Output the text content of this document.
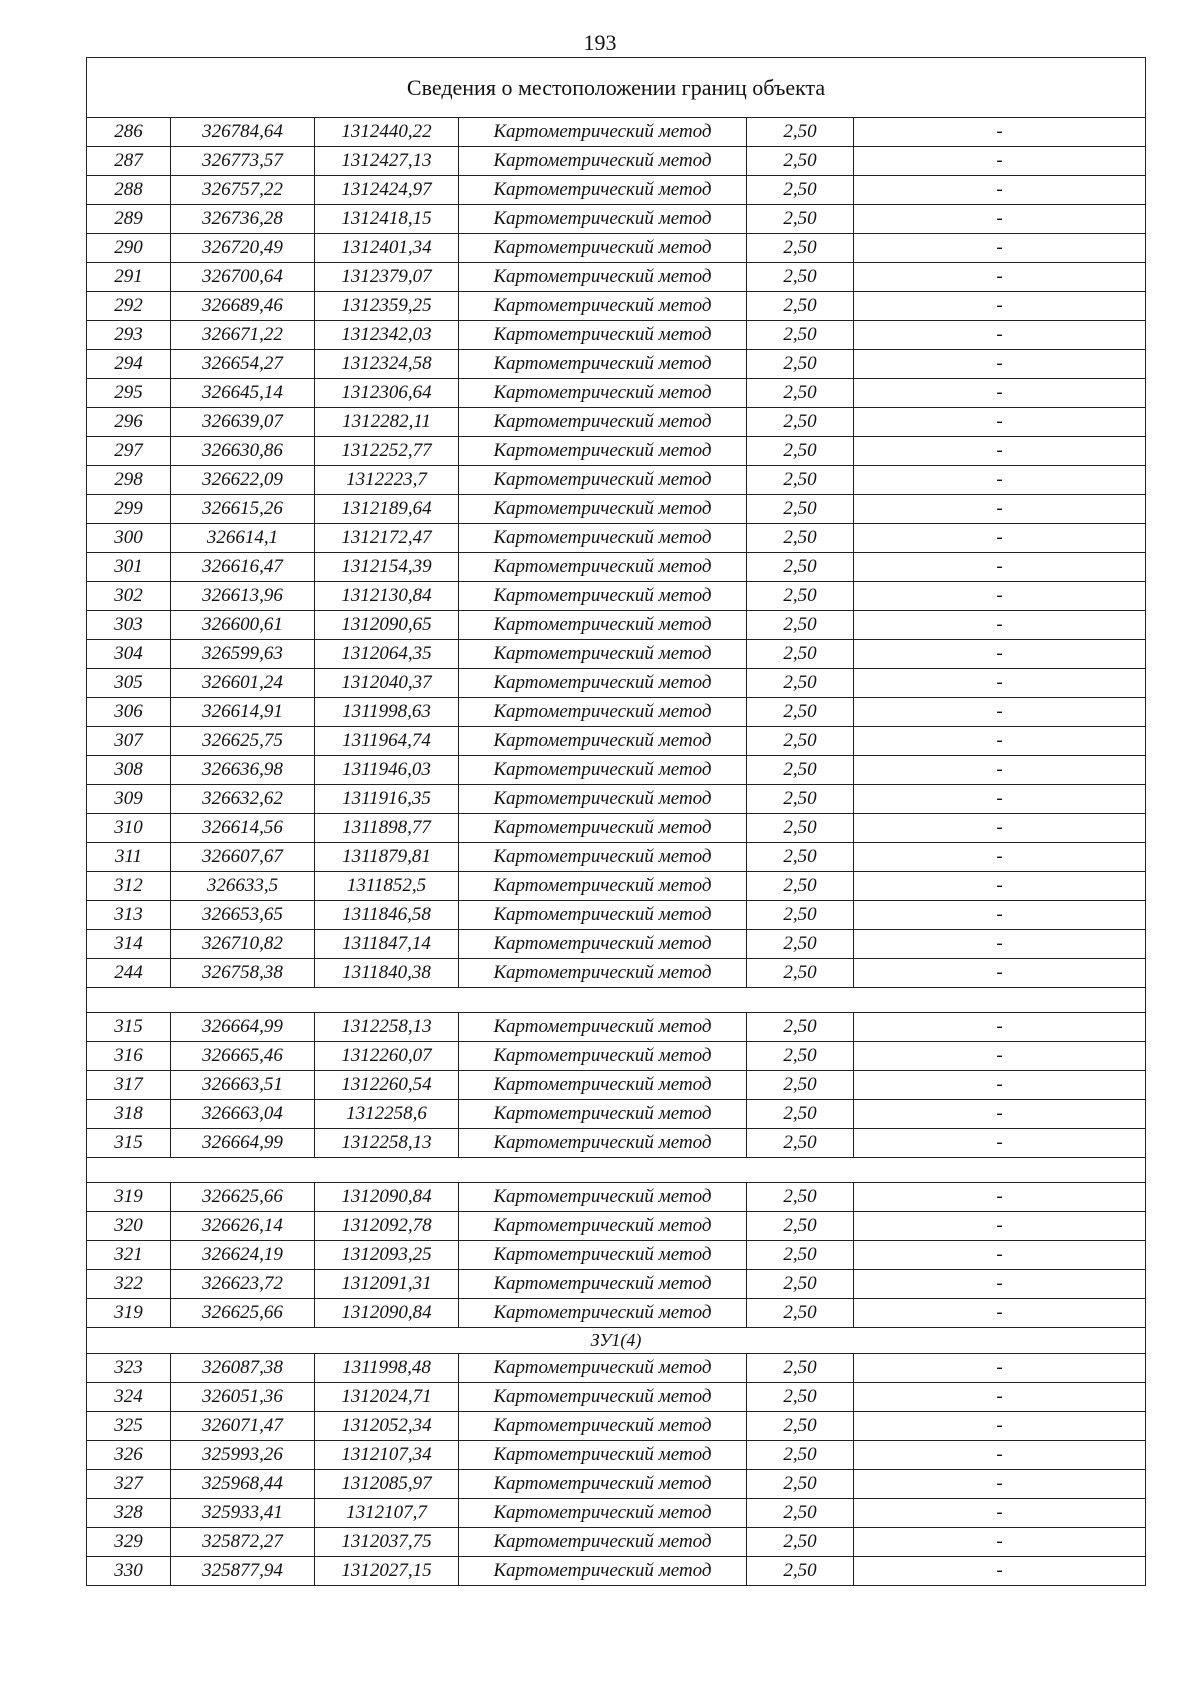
193
Сведения о местоположении границ объекта					
286	326784,64	1312440,22	Картометрический метод	2,50	-
287	326773,57	1312427,13	Картометрический метод	2,50	-
288	326757,22	1312424,97	Картометрический метод	2,50	-
289	326736,28	1312418,15	Картометрический метод	2,50	-
290	326720,49	1312401,34	Картометрический метод	2,50	-
291	326700,64	1312379,07	Картометрический метод	2,50	-
292	326689,46	1312359,25	Картометрический метод	2,50	-
293	326671,22	1312342,03	Картометрический метод	2,50	-
294	326654,27	1312324,58	Картометрический метод	2,50	-
295	326645,14	1312306,64	Картометрический метод	2,50	-
296	326639,07	1312282,11	Картометрический метод	2,50	-
297	326630,86	1312252,77	Картометрический метод	2,50	-
298	326622,09	1312223,7	Картометрический метод	2,50	-
299	326615,26	1312189,64	Картометрический метод	2,50	-
300	326614,1	1312172,47	Картометрический метод	2,50	-
301	326616,47	1312154,39	Картометрический метод	2,50	-
302	326613,96	1312130,84	Картометрический метод	2,50	-
303	326600,61	1312090,65	Картометрический метод	2,50	-
304	326599,63	1312064,35	Картометрический метод	2,50	-
305	326601,24	1312040,37	Картометрический метод	2,50	-
306	326614,91	1311998,63	Картометрический метод	2,50	-
307	326625,75	1311964,74	Картометрический метод	2,50	-
308	326636,98	1311946,03	Картометрический метод	2,50	-
309	326632,62	1311916,35	Картометрический метод	2,50	-
310	326614,56	1311898,77	Картометрический метод	2,50	-
311	326607,67	1311879,81	Картометрический метод	2,50	-
312	326633,5	1311852,5	Картометрический метод	2,50	-
313	326653,65	1311846,58	Картометрический метод	2,50	-
314	326710,82	1311847,14	Картометрический метод	2,50	-
244	326758,38	1311840,38	Картометрический метод	2,50	-

315	326664,99	1312258,13	Картометрический метод	2,50	-
316	326665,46	1312260,07	Картометрический метод	2,50	-
317	326663,51	1312260,54	Картометрический метод	2,50	-
318	326663,04	1312258,6	Картометрический метод	2,50	-
315	326664,99	1312258,13	Картометрический метод	2,50	-

319	326625,66	1312090,84	Картометрический метод	2,50	-
320	326626,14	1312092,78	Картометрический метод	2,50	-
321	326624,19	1312093,25	Картометрический метод	2,50	-
322	326623,72	1312091,31	Картометрический метод	2,50	-
319	326625,66	1312090,84	Картометрический метод	2,50	-
ЗУ1(4)					
323	326087,38	1311998,48	Картометрический метод	2,50	-
324	326051,36	1312024,71	Картометрический метод	2,50	-
325	326071,47	1312052,34	Картометрический метод	2,50	-
326	325993,26	1312107,34	Картометрический метод	2,50	-
327	325968,44	1312085,97	Картометрический метод	2,50	-
328	325933,41	1312107,7	Картометрический метод	2,50	-
329	325872,27	1312037,75	Картометрический метод	2,50	-
330	325877,94	1312027,15	Картометрический метод	2,50	-
